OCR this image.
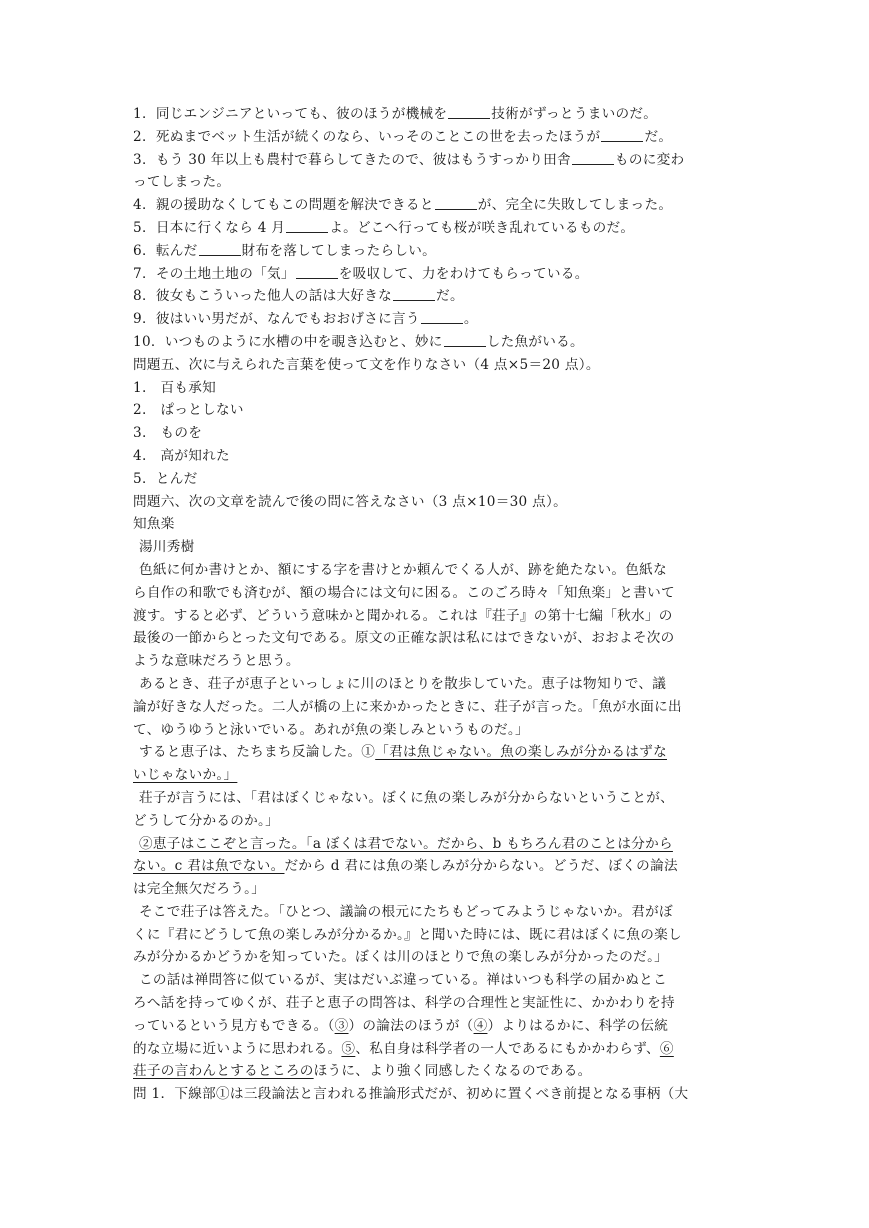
1．同じエンジニアといっても、彼のほうが機械を	技術がずっとうまいのだ。
2．死ぬまでベット生活が続くのなら、いっそのことこの世を去ったほうが	だ。
3．もう 30 年以上も農村で暮らしてきたので、彼はもうすっかり田舎	ものに変わ
ってしまった。
4．親の援助なくしてもこの問題を解決できると	が、完全に失敗してしまった。
5．日本に行くなら 4 月	よ。どこへ行っても桜が咲き乱れているものだ。
6．転んだ	財布を落してしまったらしい。
7．その土地土地の「気」	を吸収して、力をわけてもらっている。
8．彼女もこういった他人の話は大好きな	だ。
9．彼はいい男だが、なんでもおおげさに言う	。
10．いつものように水槽の中を覗き込むと、妙に	した魚がいる。
問題五、次に与えられた言葉を使って文を作りなさい（4 点×5＝20 点）。
1.　百も承知
2.　ぱっとしない
3.　ものを
4.　高が知れた
5．とんだ
問題六、次の文章を読んで後の問に答えなさい（3 点×10＝30 点）。
知魚楽
湯川秀樹
色紙に何か書けとか、額にする字を書けとか頼んでくる人が、跡を絶たない。色紙な
ら自作の和歌でも済むが、額の場合には文句に困る。このごろ時々「知魚楽」と書いて
渡す。すると必ず、どういう意味かと聞かれる。これは『荘子』の第十七編「秋水」の
最後の一節からとった文句である。原文の正確な訳は私にはできないが、おおよそ次の
ような意味だろうと思う。
あるとき、荘子が恵子といっしょに川のほとりを散歩していた。恵子は物知りで、議
論が好きな人だった。二人が橋の上に来かかったときに、荘子が言った。「魚が水面に出
て、ゆうゆうと泳いでいる。あれが魚の楽しみというものだ。」
すると恵子は、たちまち反論した。①「君は魚じゃない。魚の楽しみが分かるはずな
いじゃないか。」
荘子が言うには、「君はぼくじゃない。ぼくに魚の楽しみが分からないということが、
どうして分かるのか。」
②恵子はここぞと言った。「a ぼくは君でない。だから、b もちろん君のことは分から
ない。c 君は魚でない。だから d 君には魚の楽しみが分からない。どうだ、ぼくの論法
は完全無欠だろう。」
そこで荘子は答えた。「ひとつ、議論の根元にたちもどってみようじゃないか。君がぼ
くに『君にどうして魚の楽しみが分かるか。』と聞いた時には、既に君はぼくに魚の楽し
みが分かるかどうかを知っていた。ぼくは川のほとりで魚の楽しみが分かったのだ。」
この話は禅問答に似ているが、実はだいぶ違っている。禅はいつも科学の届かぬとこ
ろへ話を持ってゆくが、荘子と恵子の問答は、科学の合理性と実証性に、かかわりを持
っているという見方もできる。（③）の論法のほうが（④）よりはるかに、科学の伝統
的な立場に近いように思われる。⑤、私自身は科学者の一人であるにもかかわらず、⑥
荘子の言わんとするところのほうに、より強く同感したくなるのである。
問 1．下線部①は三段論法と言われる推論形式だが、初めに置くべき前提となる事柄（大
